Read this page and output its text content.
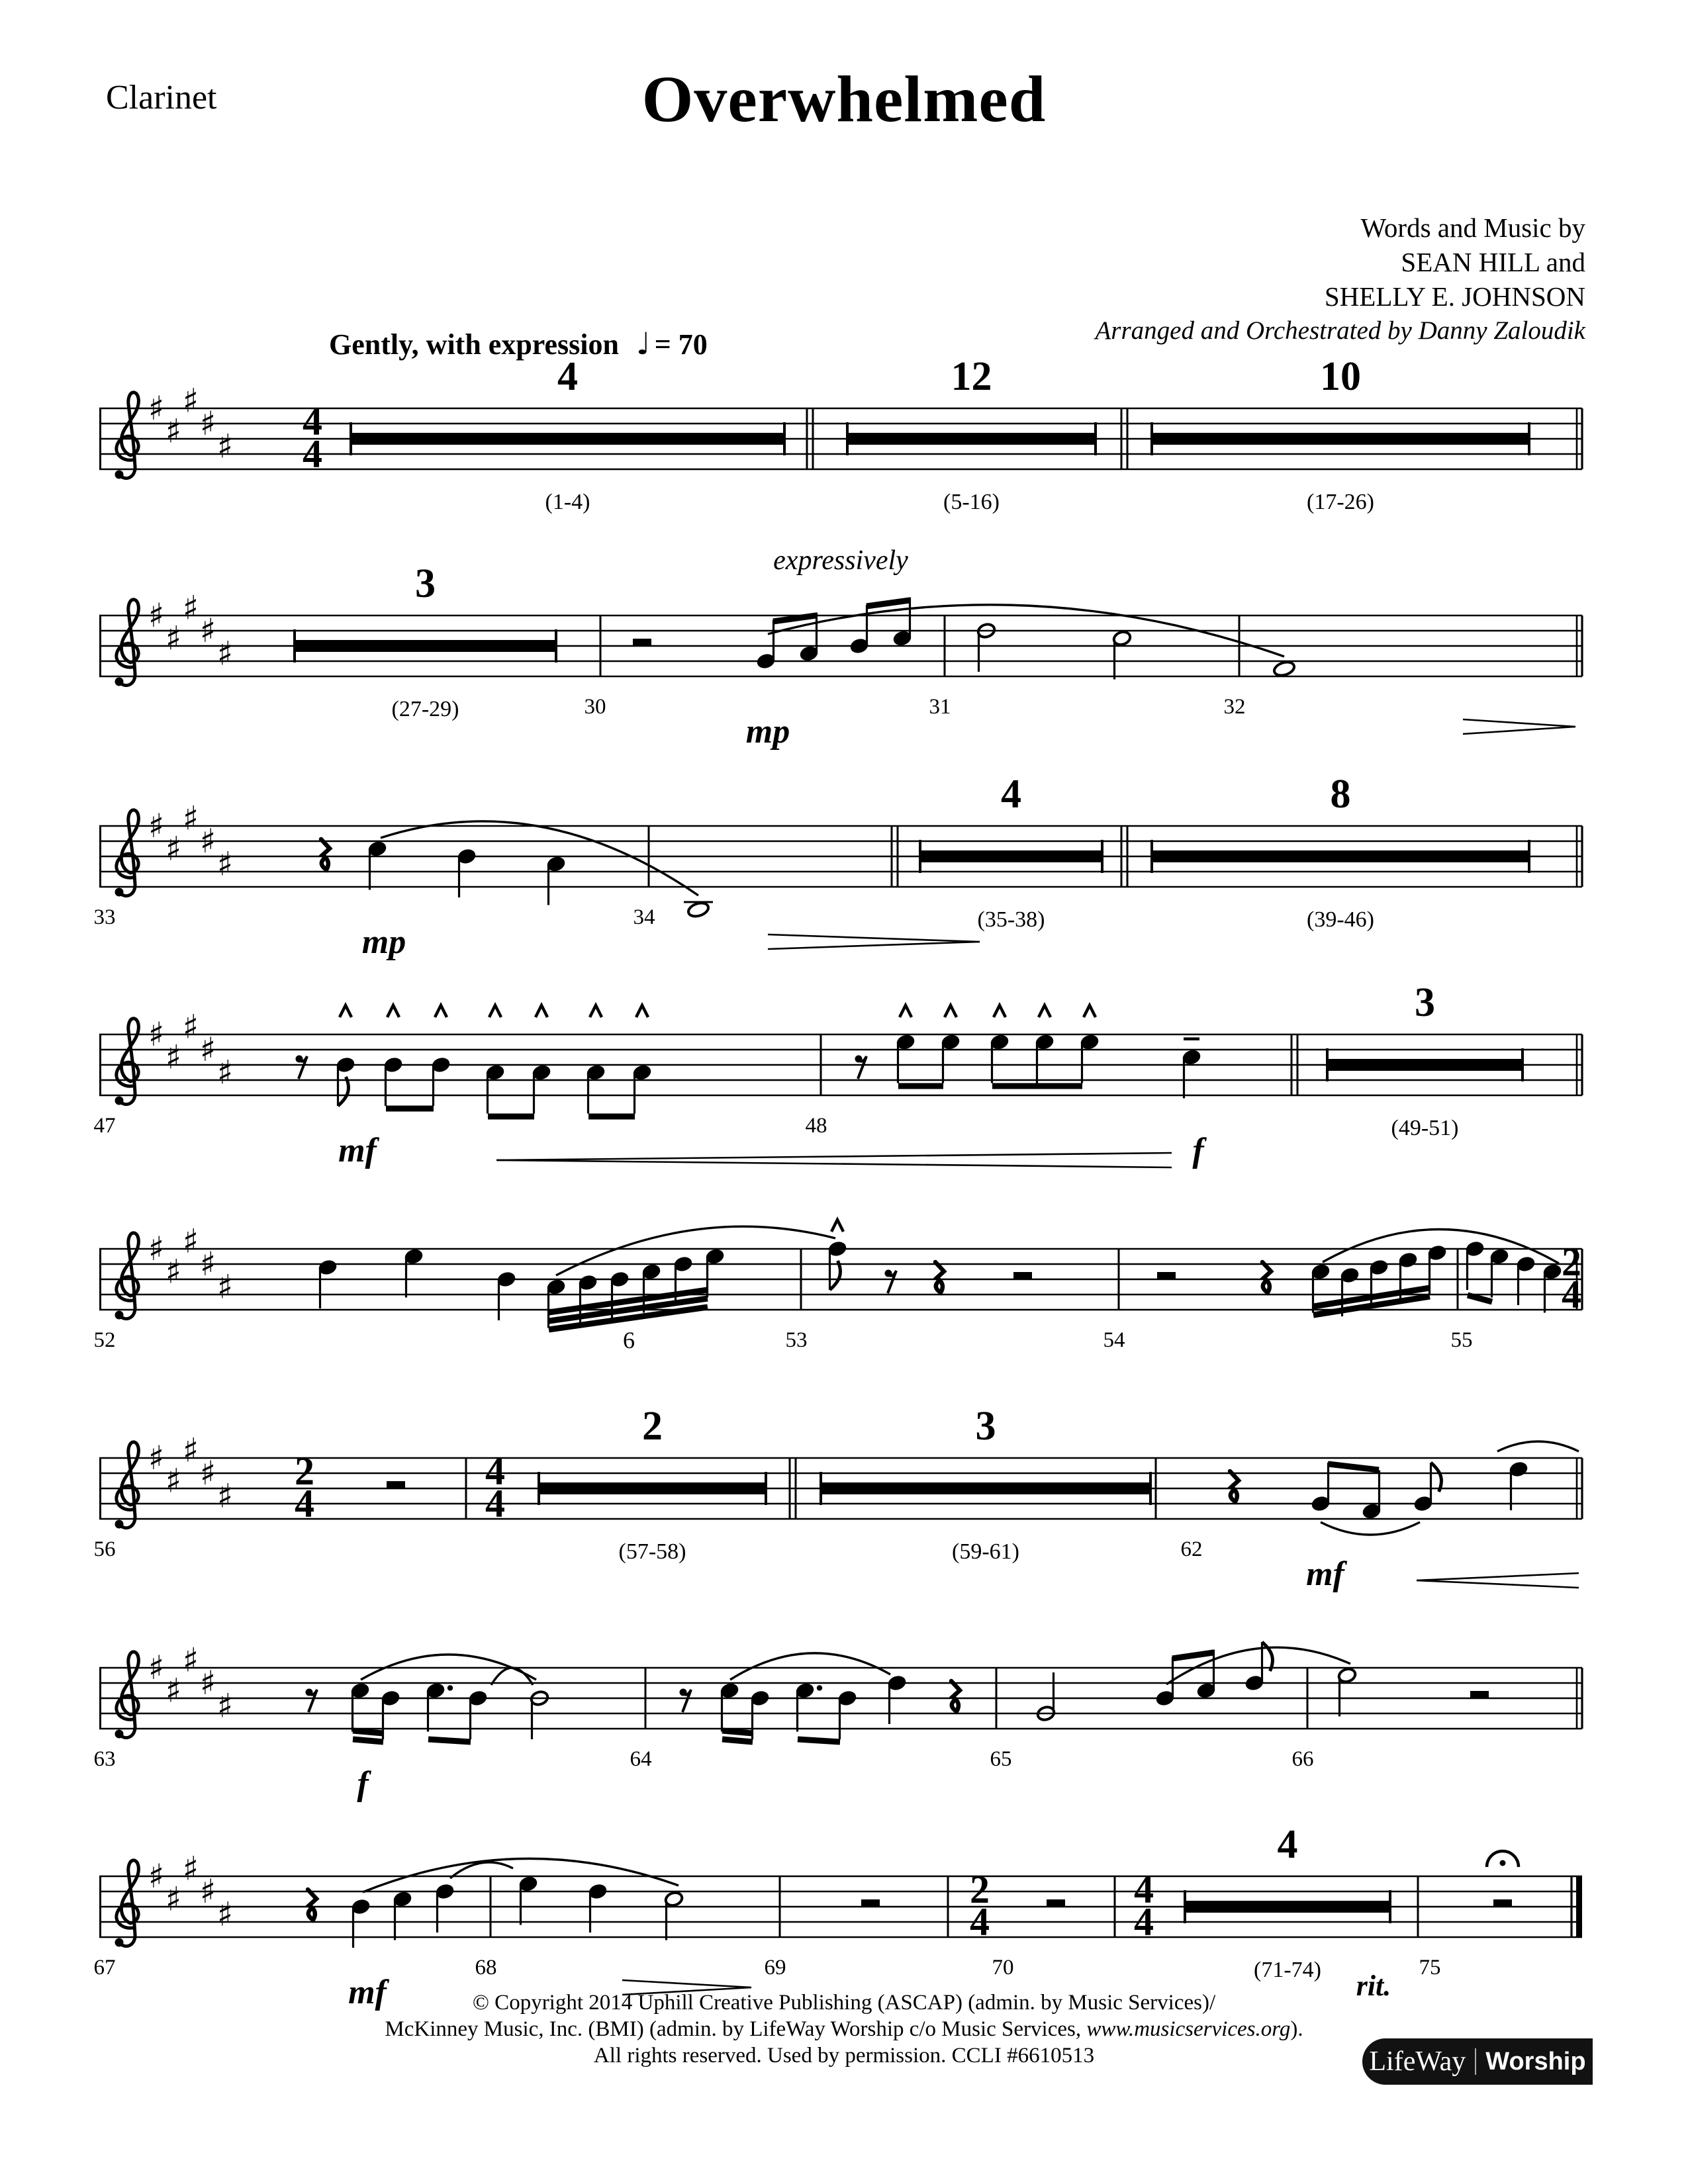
Clarinet	Overwhelmed
Words and Music by
SEAN HILL and
SHELLY E. JOHNSON
Arranged and Orchestrated by Danny Zaloudik
Gently, with expression ♩ = 70
♯
♯
♯
♯
♯
4
4
4
(1-4)
12
(5-16)
10
(17-26)
♯
♯
♯
♯
♯
3
(27-29)	30
mp
expressively
31	32
♯
♯
♯
♯
♯
33
mp
34
4
(35-38)
8
(39-46)
♯
♯
♯
♯
♯
47
mf
48
f
3
(49-51)
♯
♯
♯
♯
♯
52	6	53	54	55
2
4
♯
♯
♯
♯
♯
56
2
4
4
4
2
(57-58)
3
(59-61)	62
mf
♯
♯
♯
♯
♯
63
f
64	65	66
♯
♯
♯
♯
♯
67
mf
68	69
2
4
70
4
4
4
(71-74) rit.
75
© Copyright 2014 Uphill Creative Publishing (ASCAP) (admin. by Music Services)/
McKinney Music, Inc. (BMI) (admin. by LifeWay Worship c/o Music Services, www.musicservices.org).
All rights reserved. Used by permission. CCLI #6610513	LifeWay Worship
